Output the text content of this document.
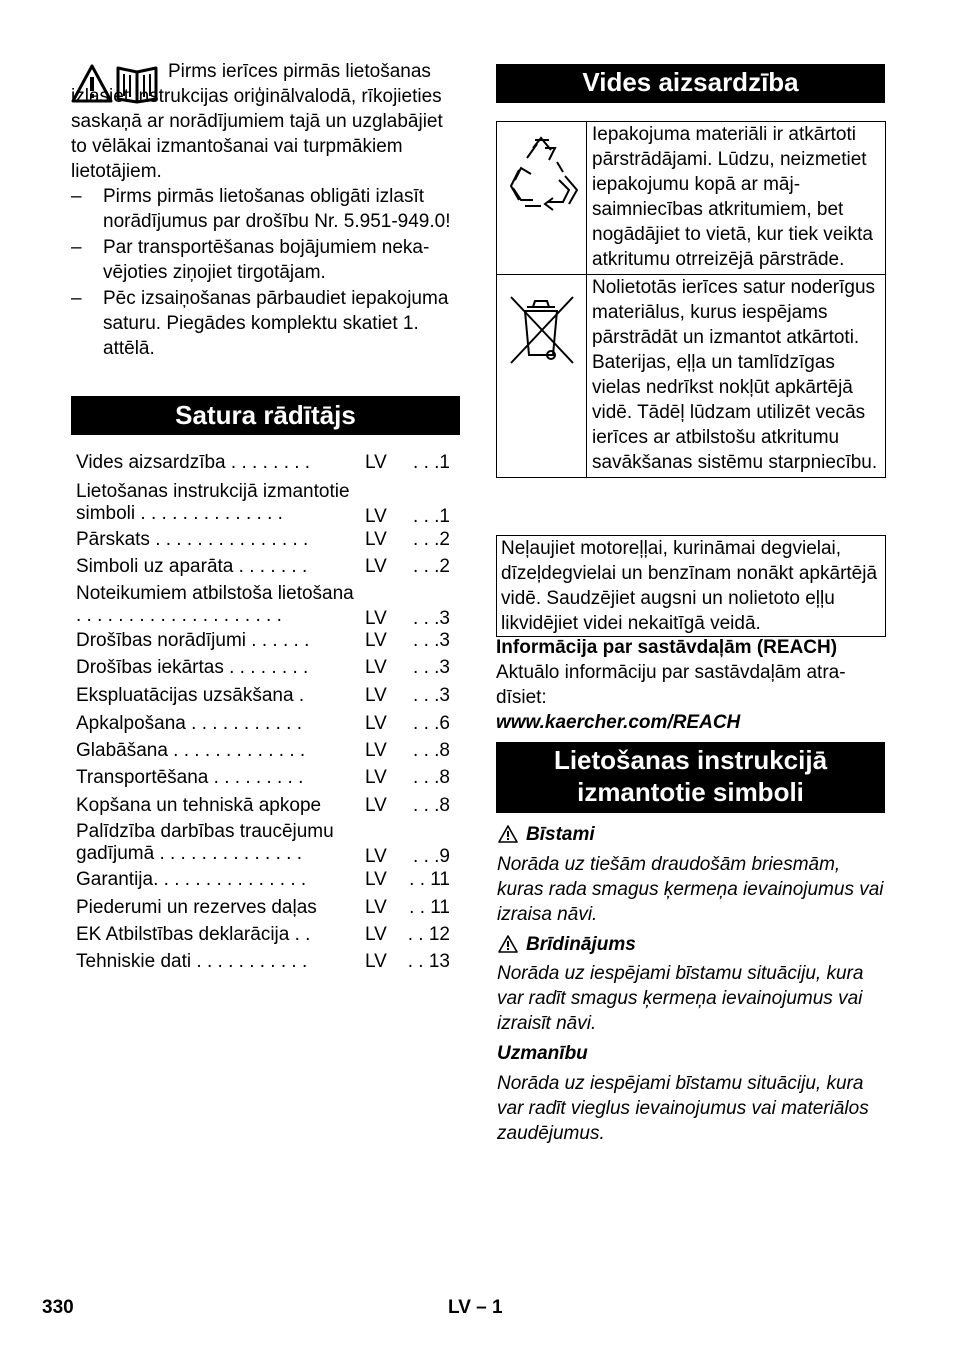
Pirms ierīces pirmās lietošanas izlasiet instrukcijas oriģinālvalodā, rīkojieties saskaņā ar norādījumiem tajā un uzglabājiet to vēlākai izmantošanai vai turpmākiem lietotājiem.

– Pirms pirmās lietošanas obligāti izlasīt norādījumus par drošību Nr. 5.951-949.0!
– Par transportēšanas bojājumiem nekavējoties ziņojiet tirgotājam.
– Pēc izsaiņošanas pārbaudiet iepakojuma saturu. Piegādes komplektu skatiet 1. attēlā.
Satura rādītājs
Vides aizsardzība . . . . . . . .	LV . . .1
Lietošanas instrukcijā izmantotie simboli . . . . . . . . . . . . . .	LV . . .1
Pārskats . . . . . . . . . . . . . . .	LV . . .2
Simboli uz aparāta . . . . . . .	LV . . .2
Noteikumiem atbilstoša lietošana . . . . . . . . . . . . . . . . . . . .	LV . . .3
Drošības norādījumi . . . . . .	LV . . .3
Drošības iekārtas . . . . . . . .	LV . . .3
Ekspluatācijas uzsākšana .	LV . . .3
Apkalpošana . . . . . . . . . . .	LV . . .6
Glabāšana . . . . . . . . . . . . .	LV . . .8
Transportēšana . . . . . . . . .	LV . . .8
Kopšana un tehniskā apkope	LV . . .8
Palīdzība darbības traucējumu gadījumā . . . . . . . . . . . . . .	LV . . .9
Garantija. . . . . . . . . . . . . . .	LV . . 11
Piederumi un rezerves daļas	LV . . 11
EK Atbilstības deklarācija . .	LV . . 12
Tehniskie dati . . . . . . . . . . .	LV . . 13
Vides aizsardzība
Iepakojuma materiāli ir atkārtoti pārstrādājami. Lūdzu, neizmetiet iepakojumu kopā ar mājsaimniecības atkritumiem, bet nogādājiet to vietā, kur tiek veikta atkritumu otrreizējā pārstrāde.
Nolietotās ierīces satur noderīgus materiālus, kurus iespējams pārstrādāt un izmantot atkārtoti. Baterijas, eļļa un tamlīdzīgas vielas nedrīkst nokļūt apkārtējā vidē. Tādēļ lūdzam utilizēt vecās ierīces ar atbilstošu atkritumu savākšanas sistēmu starpniecību.
Neļaujiet motoreļļai, kurināmai degvielai, dīzeļdegvielai un benzīnam nonākt apkārtējā vidē. Saudzējiet augsni un nolietoto eļļu likvidējiet videi nekaitīgā veidā.

Informācija par sastāvdaļām (REACH)

Aktuālo informāciju par sastāvdaļām atradīsiet:

www.kaercher.com/REACH

Lietošanas instrukcijā
izmantotie simboli
Bīstami

Norāda uz tiešām draudošām briesmām, kuras rada smagus ķermeņa ievainojumus vai izraisa nāvi.

Brīdinājums

Norāda uz iespējami bīstamu situāciju, kura var radīt smagus ķermeņa ievainojumus vai izraisīt nāvi.

Uzmanību

Norāda uz iespējami bīstamu situāciju, kura var radīt vieglus ievainojumus vai materiālos zaudējumus.

330	LV – 1
